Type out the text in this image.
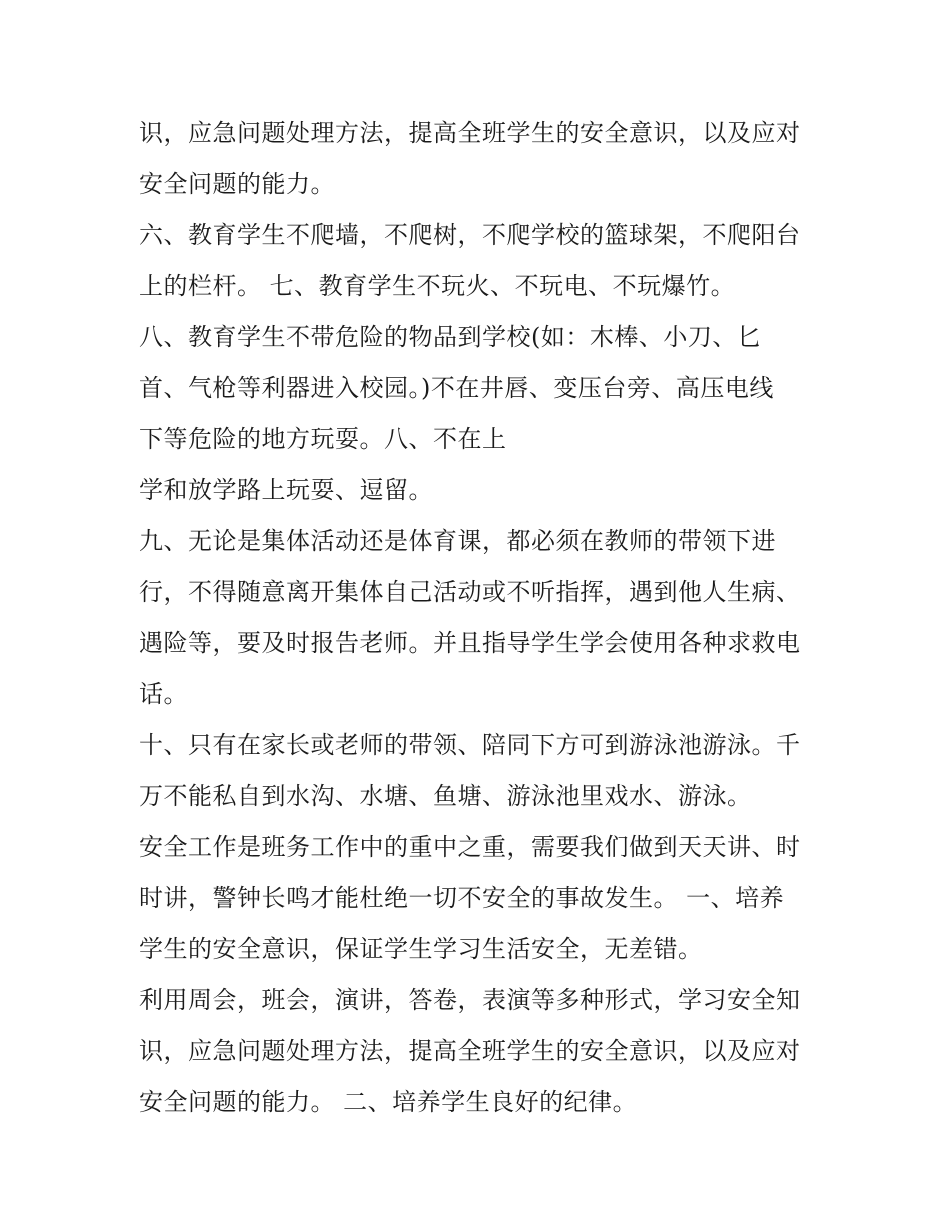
识，应急问题处理方法，提高全班学生的安全意识，以及应对
安全问题的能力。
六、教育学生不爬墙，不爬树，不爬学校的篮球架，不爬阳台
上的栏杆。 七、教育学生不玩火、不玩电、不玩爆竹。
八、教育学生不带危险的物品到学校(如：木棒、小刀、匕
首、气枪等利器进入校园。)不在井唇、变压台旁、高压电线
下等危险的地方玩耍。八、不在上
学和放学路上玩耍、逗留。
九、无论是集体活动还是体育课，都必须在教师的带领下进
行，不得随意离开集体自己活动或不听指挥，遇到他人生病、
遇险等，要及时报告老师。并且指导学生学会使用各种求救电
话。
十、只有在家长或老师的带领、陪同下方可到游泳池游泳。千
万不能私自到水沟、水塘、鱼塘、游泳池里戏水、游泳。
安全工作是班务工作中的重中之重，需要我们做到天天讲、时
时讲，警钟长鸣才能杜绝一切不安全的事故发生。 一、培养
学生的安全意识，保证学生学习生活安全，无差错。
利用周会，班会，演讲，答卷，表演等多种形式，学习安全知
识，应急问题处理方法，提高全班学生的安全意识，以及应对
安全问题的能力。 二、培养学生良好的纪律。
